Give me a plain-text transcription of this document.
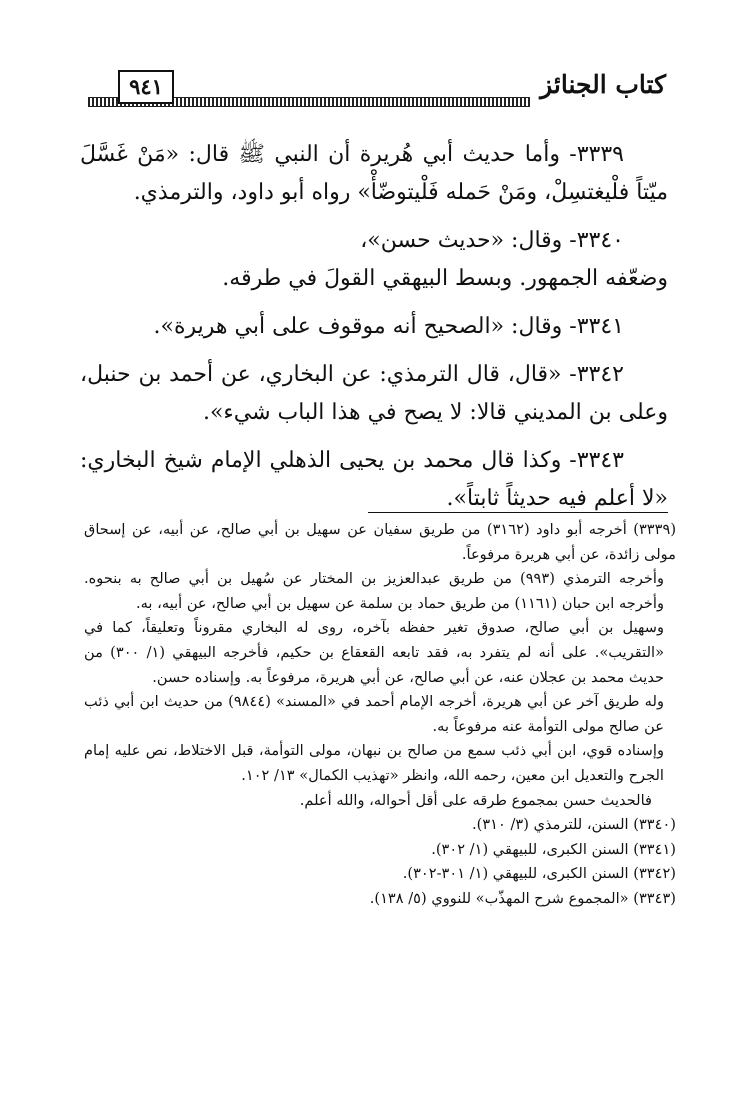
كتاب الجنائز
٩٤١

٣٣٣٩- وأما حديث أبي هُريرة أن النبي ﷺ قال: «مَنْ غَسَّلَ ميّتاً فلْيغتسِلْ، ومَنْ حَمله فَلْيتوضّأْ» رواه أبو داود، والترمذي.

٣٣٤٠- وقال: «حديث حسن»،

وضعّفه الجمهور. وبسط البيهقي القولَ في طرقه.

٣٣٤١- وقال: «الصحيح أنه موقوف على أبي هريرة».

٣٣٤٢- «قال، قال الترمذي: عن البخاري، عن أحمد بن حنبل، وعلى بن المديني قالا: لا يصح في هذا الباب شيء».

٣٣٤٣- وكذا قال محمد بن يحيى الذهلي الإمام شيخ البخاري: «لا أعلم فيه حديثاً ثابتاً».

(٣٣٣٩) أخرجه أبو داود (٣١٦٢) من طريق سفيان عن سهيل بن أبي صالح، عن أبيه، عن إسحاق مولى زائدة، عن أبي هريرة مرفوعاً.

وأخرجه الترمذي (٩٩٣) من طريق عبدالعزيز بن المختار عن سُهيل بن أبي صالح به بنحوه. وأخرجه ابن حبان (١١٦١) من طريق حماد بن سلمة عن سهيل بن أبي صالح، عن أبيه، به.

وسهيل بن أبي صالح، صدوق تغير حفظه بآخره، روى له البخاري مقروناً وتعليقاً، كما في «التقريب». على أنه لم يتفرد به، فقد تابعه القعقاع بن حكيم، فأخرجه البيهقي (١/ ٣٠٠) من حديث محمد بن عجلان عنه، عن أبي صالح، عن أبي هريرة، مرفوعاً به. وإسناده حسن.

وله طريق آخر عن أبي هريرة، أخرجه الإمام أحمد في «المسند» (٩٨٤٤) من حديث ابن أبي ذئب عن صالح مولى التوأمة عنه مرفوعاً به.

وإسناده قوي، ابن أبي ذئب سمع من صالح بن نبهان، مولى التوأمة، قبل الاختلاط، نص عليه إمام الجرح والتعديل ابن معين، رحمه الله، وانظر «تهذيب الكمال» ١٣/ ١٠٢.

فالحديث حسن بمجموع طرقه على أقل أحواله، والله أعلم.

(٣٣٤٠) السنن، للترمذي (٣/ ٣١٠).

(٣٣٤١) السنن الكبرى، للبيهقي (١/ ٣٠٢).

(٣٣٤٢) السنن الكبرى، للبيهقي (١/ ٣٠١-٣٠٢).

(٣٣٤٣) «المجموع شرح المهذّب» للنووي (٥/ ١٣٨).
